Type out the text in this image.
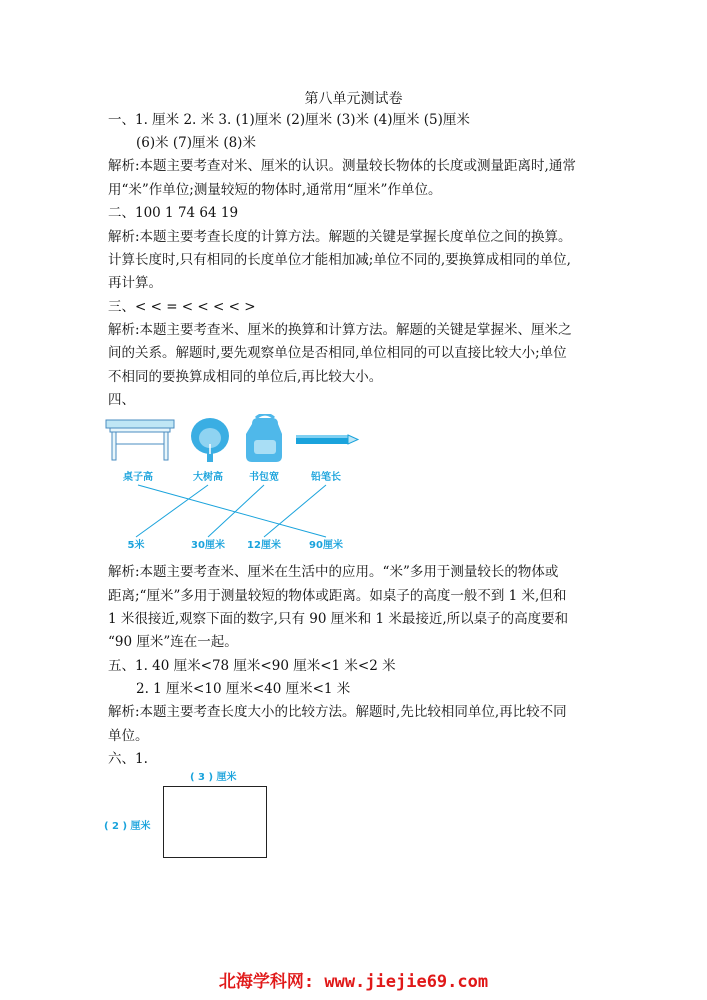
第八单元测试卷
一、1. 厘米 2. 米 3. (1)厘米 (2)厘米 (3)米 (4)厘米 (5)厘米
(6)米 (7)厘米 (8)米
解析:本题主要考查对米、厘米的认识。测量较长物体的长度或测量距离时,通常
用“米”作单位;测量较短的物体时,通常用“厘米”作单位。
二、100 1 74 64 19
解析:本题主要考查长度的计算方法。解题的关键是掌握长度单位之间的换算。
计算长度时,只有相同的长度单位才能相加减;单位不同的,要换算成相同的单位,
再计算。
三、< < = < < < < >
解析:本题主要考查米、厘米的换算和计算方法。解题的关键是掌握米、厘米之
间的关系。解题时,要先观察单位是否相同,单位相同的可以直接比较大小;单位
不相同的要换算成相同的单位后,再比较大小。
四、
桌子高	大树高	书包宽	铅笔长
5米	30厘米 12厘米	90厘米
解析:本题主要考查米、厘米在生活中的应用。“米”多用于测量较长的物体或
距离;“厘米”多用于测量较短的物体或距离。如桌子的高度一般不到 1 米,但和
1 米很接近,观察下面的数字,只有 90 厘米和 1 米最接近,所以桌子的高度要和
“90 厘米”连在一起。
五、1. 40 厘米<78 厘米<90 厘米<1 米<2 米
2. 1 厘米<10 厘米<40 厘米<1 米
解析:本题主要考查长度大小的比较方法。解题时,先比较相同单位,再比较不同
单位。
六、1.
( 3 ) 厘米
( 2 ) 厘米
北海学科网: www.jiejie69.com
